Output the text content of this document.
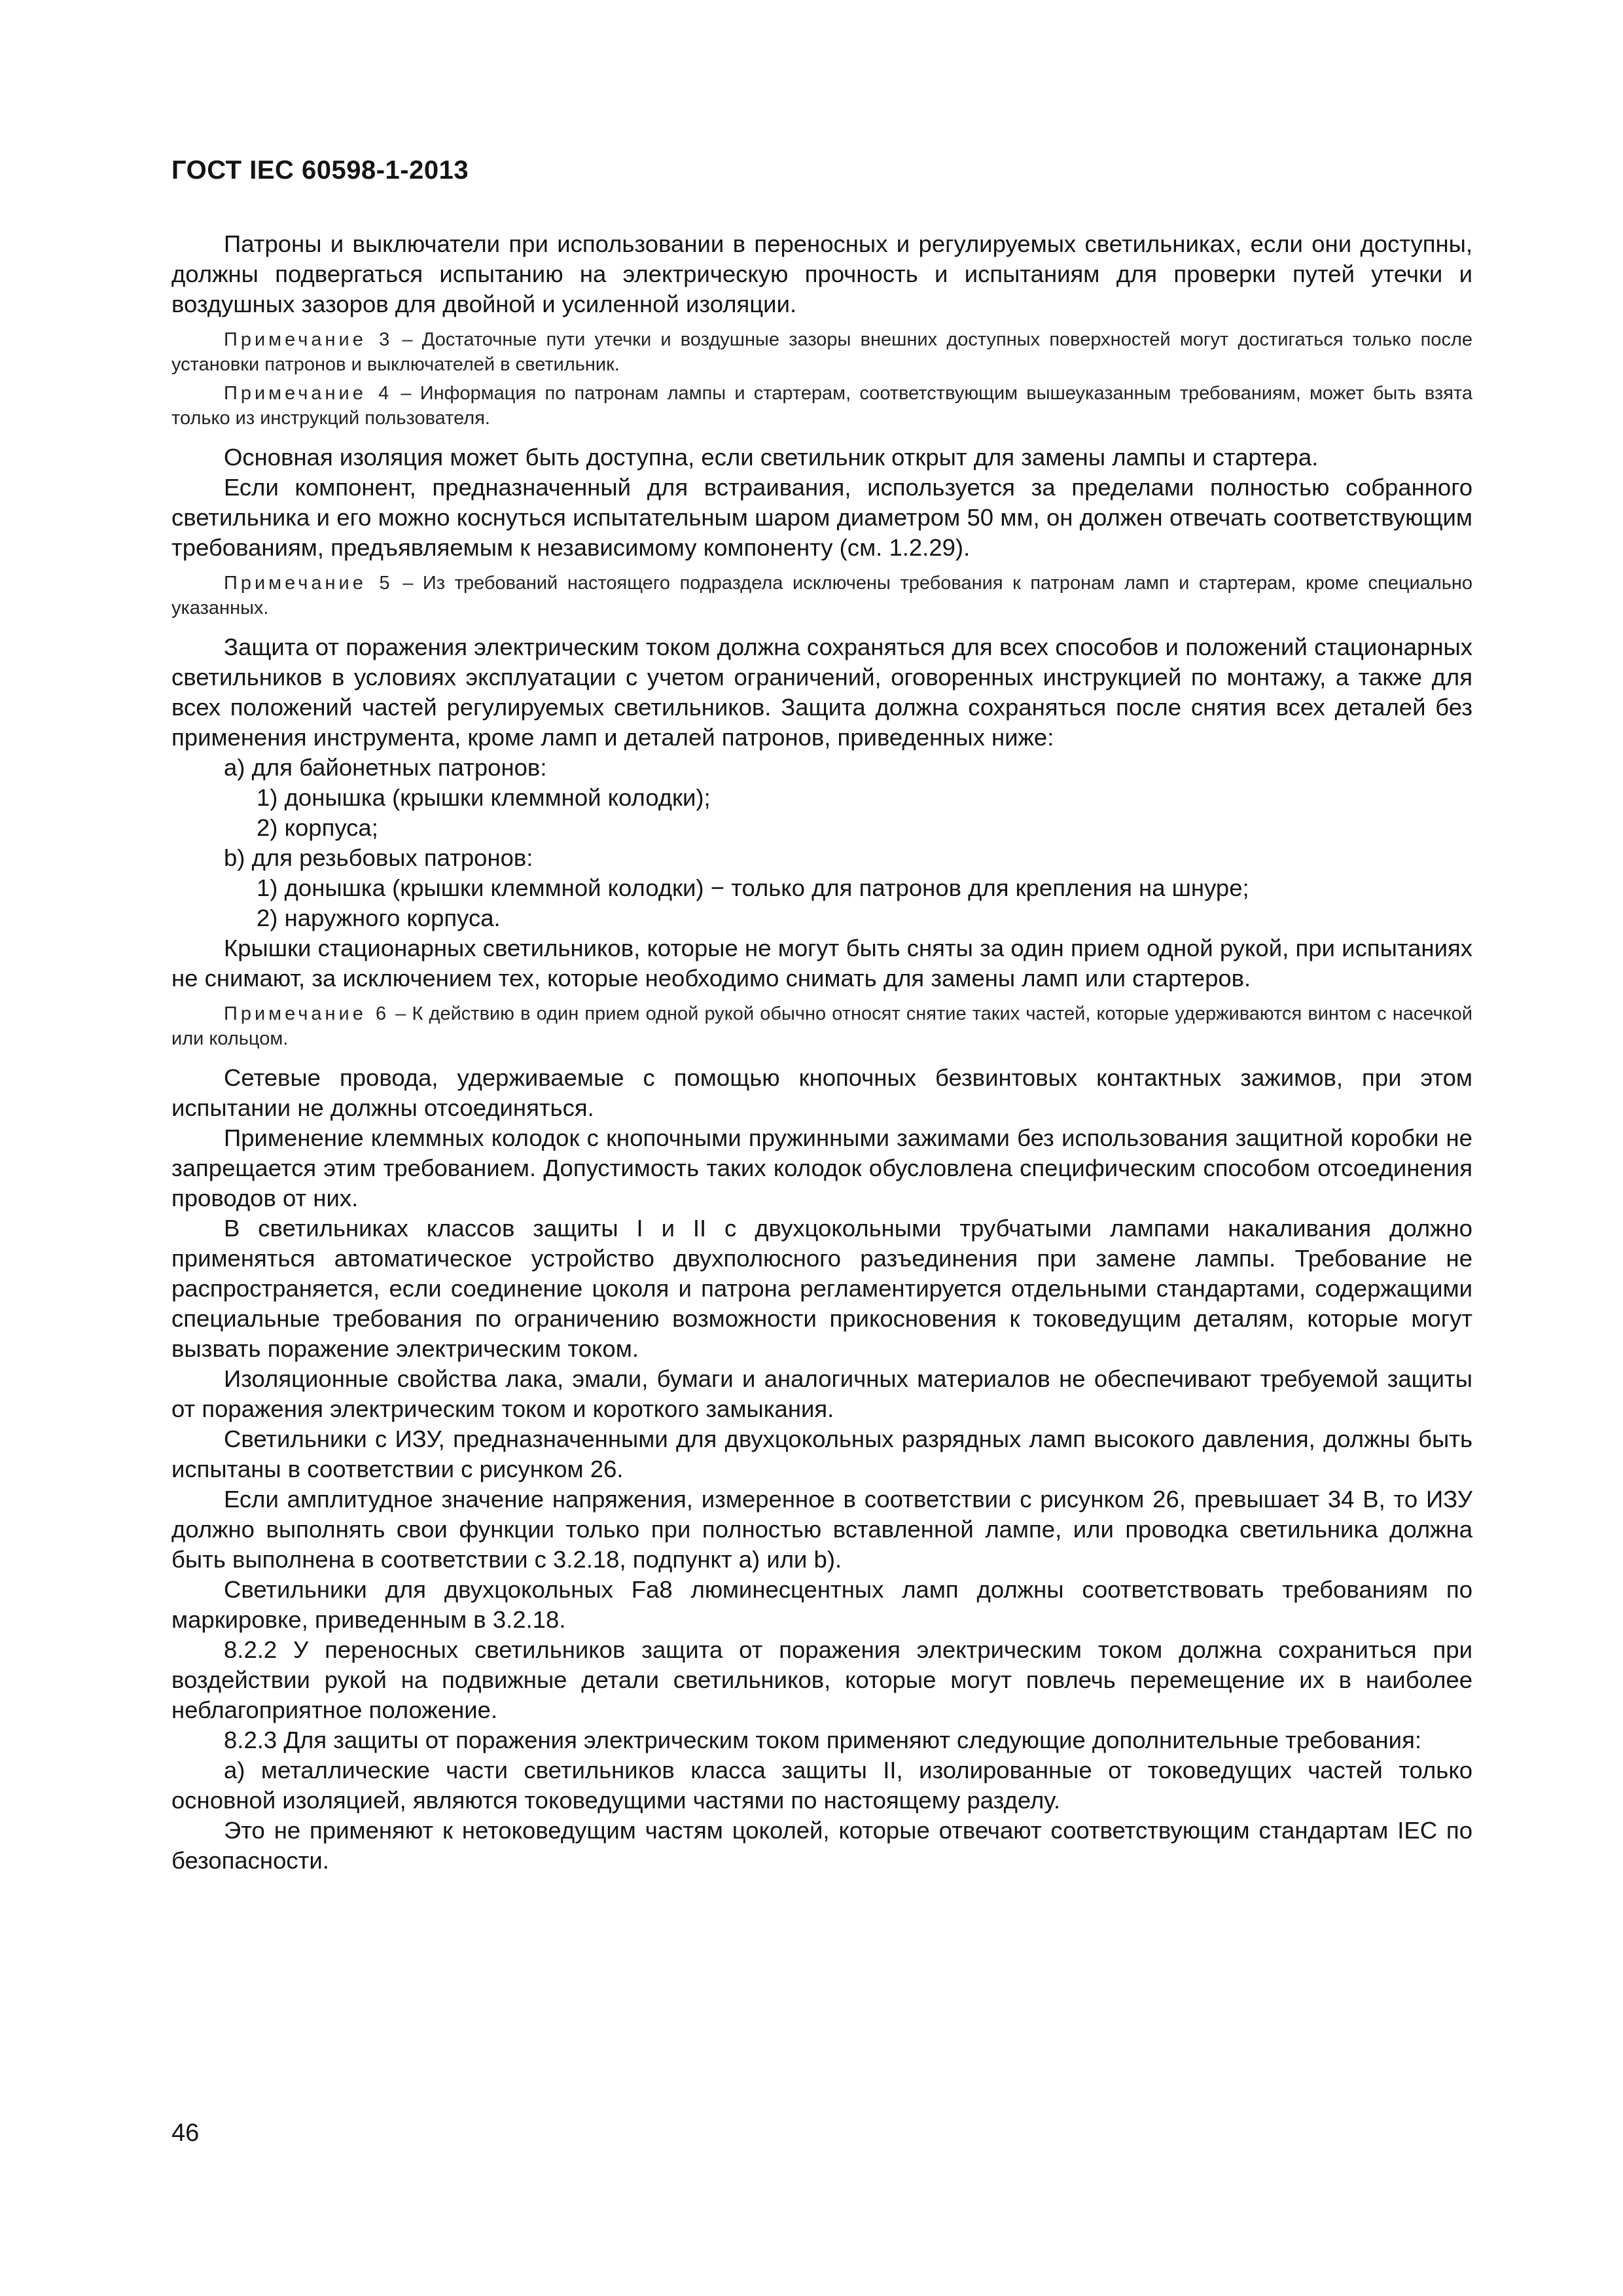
ГОСТ IEC 60598-1-2013

Патроны и выключатели при использовании в переносных и регулируемых светильниках, если они доступны, должны подвергаться испытанию на электрическую прочность и испытаниям для проверки путей утечки и воздушных зазоров для двойной и усиленной изоляции.

Примечание 3 – Достаточные пути утечки и воздушные зазоры внешних доступных поверхностей могут достигаться только после установки патронов и выключателей в светильник.

Примечание 4 – Информация по патронам лампы и стартерам, соответствующим вышеуказанным требованиям, может быть взята только из инструкций пользователя.

Основная изоляция может быть доступна, если светильник открыт для замены лампы и стартера.

Если компонент, предназначенный для встраивания, используется за пределами полностью собранного светильника и его можно коснуться испытательным шаром диаметром 50 мм, он должен отвечать соответствующим требованиям, предъявляемым к независимому компоненту (см. 1.2.29).

Примечание 5 – Из требований настоящего подраздела исключены требования к патронам ламп и стартерам, кроме специально указанных.

Защита от поражения электрическим током должна сохраняться для всех способов и положений стационарных светильников в условиях эксплуатации с учетом ограничений, оговоренных инструкцией по монтажу, а также для всех положений частей регулируемых светильников. Защита должна сохраняться после снятия всех деталей без применения инструмента, кроме ламп и деталей патронов, приведенных ниже:

a) для байонетных патронов:

1) донышка (крышки клеммной колодки);

2) корпуса;

b) для резьбовых патронов:

1) донышка (крышки клеммной колодки) − только для патронов для крепления на шнуре;

2) наружного корпуса.

Крышки стационарных светильников, которые не могут быть сняты за один прием одной рукой, при испытаниях не снимают, за исключением тех, которые необходимо снимать для замены ламп или стартеров.

Примечание 6 – К действию в один прием одной рукой обычно относят снятие таких частей, которые удерживаются винтом с насечкой или кольцом.

Сетевые провода, удерживаемые с помощью кнопочных безвинтовых контактных зажимов, при этом испытании не должны отсоединяться.

Применение клеммных колодок с кнопочными пружинными зажимами без использования защитной коробки не запрещается этим требованием. Допустимость таких колодок обусловлена специфическим способом отсоединения проводов от них.

В светильниках классов защиты I и II с двухцокольными трубчатыми лампами накаливания должно применяться автоматическое устройство двухполюсного разъединения при замене лампы. Требование не распространяется, если соединение цоколя и патрона регламентируется отдельными стандартами, содержащими специальные требования по ограничению возможности прикосновения к токоведущим деталям, которые могут вызвать поражение электрическим током.

Изоляционные свойства лака, эмали, бумаги и аналогичных материалов не обеспечивают требуемой защиты от поражения электрическим током и короткого замыкания.

Светильники с ИЗУ, предназначенными для двухцокольных разрядных ламп высокого давления, должны быть испытаны в соответствии с рисунком 26.

Если амплитудное значение напряжения, измеренное в соответствии с рисунком 26, превышает 34 В, то ИЗУ должно выполнять свои функции только при полностью вставленной лампе, или проводка светильника должна быть выполнена в соответствии с 3.2.18, подпункт a) или b).

Светильники для двухцокольных Fa8 люминесцентных ламп должны соответствовать требованиям по маркировке, приведенным в 3.2.18.

8.2.2 У переносных светильников защита от поражения электрическим током должна сохраниться при воздействии рукой на подвижные детали светильников, которые могут повлечь перемещение их в наиболее неблагоприятное положение.

8.2.3 Для защиты от поражения электрическим током применяют следующие дополнительные требования:

a) металлические части светильников класса защиты II, изолированные от токоведущих частей только основной изоляцией, являются токоведущими частями по настоящему разделу.

Это не применяют к нетоковедущим частям цоколей, которые отвечают соответствующим стандартам IEC по безопасности.

46
